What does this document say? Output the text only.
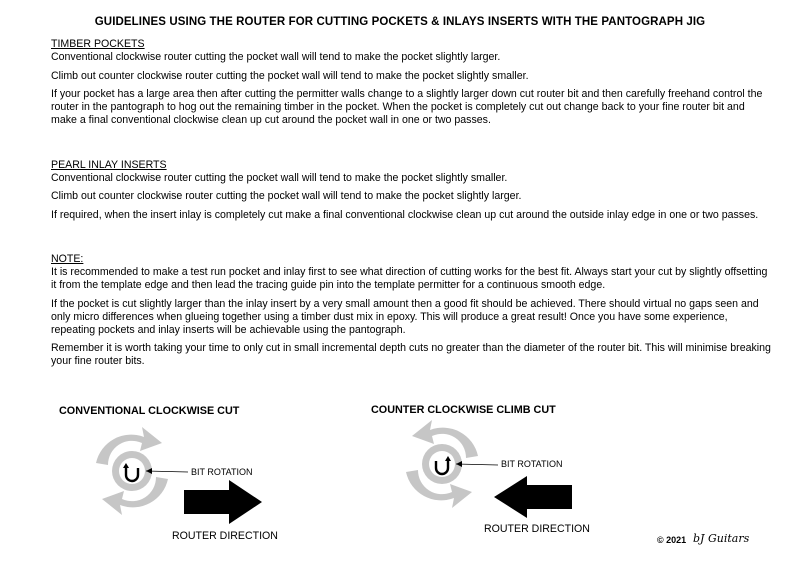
GUIDELINES USING THE ROUTER FOR CUTTING POCKETS & INLAYS INSERTS WITH THE PANTOGRAPH JIG
TIMBER POCKETS

Conventional clockwise router cutting the pocket wall will tend to make the pocket slightly larger.

Climb out counter clockwise router cutting the pocket wall will tend to make the pocket slightly smaller.

If your pocket has a large area then after cutting the permitter walls change to a slightly larger down cut router bit and then carefully freehand control the router in the pantograph to hog out the remaining timber in the pocket. When the pocket is completely cut out change back to your fine router bit and make a final conventional clockwise clean up cut around the pocket wall in one or two passes.

PEARL INLAY INSERTS

Conventional clockwise router cutting the pocket wall will tend to make the pocket slightly smaller.

Climb out counter clockwise router cutting the pocket wall will tend to make the pocket slightly larger.

If required, when the insert inlay is completely cut make a final conventional clockwise clean up cut around the outside inlay edge in one or two passes.

NOTE:

It is recommended to make a test run pocket and inlay first to see what direction of cutting works for the best fit. Always start your cut by slightly offsetting it from the template edge and then lead the tracing guide pin into the template permitter for a continuous smooth edge.

If the pocket is cut slightly larger than the inlay insert by a very small amount then a good fit should be achieved. There should virtual no gaps seen and only micro differences when glueing together using a timber dust mix in epoxy. This will produce a great result! Once you have some experience, repeating pockets and inlay inserts will be achievable using the pantograph.

Remember it is worth taking your time to only cut in small incremental depth cuts no greater than the diameter of the router bit. This will minimise breaking your fine router bits.

CONVENTIONAL CLOCKWISE CUT
BIT ROTATION
ROUTER DIRECTION
COUNTER CLOCKWISE CLIMB CUT
BIT ROTATION
ROUTER DIRECTION
© 2021 bJ Guitars
